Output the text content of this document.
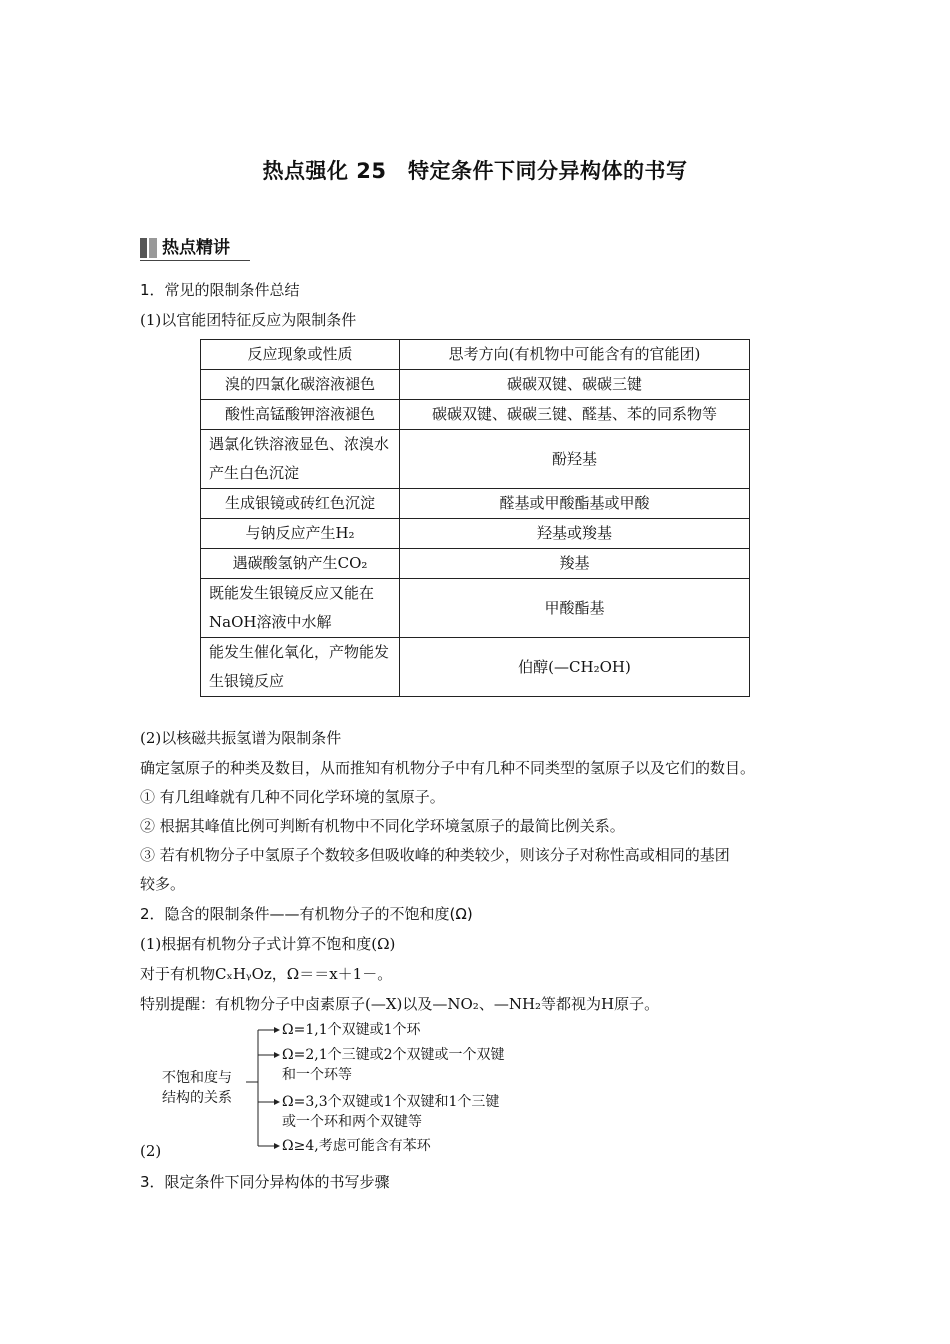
热点强化 25　特定条件下同分异构体的书写
热点精讲
1．常见的限制条件总结
(1)以官能团特征反应为限制条件
反应现象或性质	思考方向(有机物中可能含有的官能团)
溴的四氯化碳溶液褪色	碳碳双键、碳碳三键
酸性高锰酸钾溶液褪色	碳碳双键、碳碳三键、醛基、苯的同系物等
遇氯化铁溶液显色、浓溴水产生白色沉淀	酚羟基
生成银镜或砖红色沉淀	醛基或甲酸酯基或甲酸
与钠反应产生H₂	羟基或羧基
遇碳酸氢钠产生CO₂	羧基
既能发生银镜反应又能在NaOH溶液中水解	甲酸酯基
能发生催化氧化，产物能发生银镜反应	伯醇(—CH₂OH)
(2)以核磁共振氢谱为限制条件
确定氢原子的种类及数目，从而推知有机物分子中有几种不同类型的氢原子以及它们的数目。
① 有几组峰就有几种不同化学环境的氢原子。
② 根据其峰值比例可判断有机物中不同化学环境氢原子的最简比例关系。
③ 若有机物分子中氢原子个数较多但吸收峰的种类较少，则该分子对称性高或相同的基团
较多。
2．隐含的限制条件——有机物分子的不饱和度(Ω)
(1)根据有机物分子式计算不饱和度(Ω)
对于有机物CₓHᵧOz，Ω＝＝x＋1－。
特别提醒：有机物分子中卤素原子(—X)以及—NO₂、—NH₂等都视为H原子。
不饱和度与
结构的关系
Ω=1,1个双键或1个环
Ω=2,1个三键或2个双键或一个双键
和一个环等
Ω=3,3个双键或1个双键和1个三键
或一个环和两个双键等
Ω≥4,考虑可能含有苯环
(2)
3．限定条件下同分异构体的书写步骤
